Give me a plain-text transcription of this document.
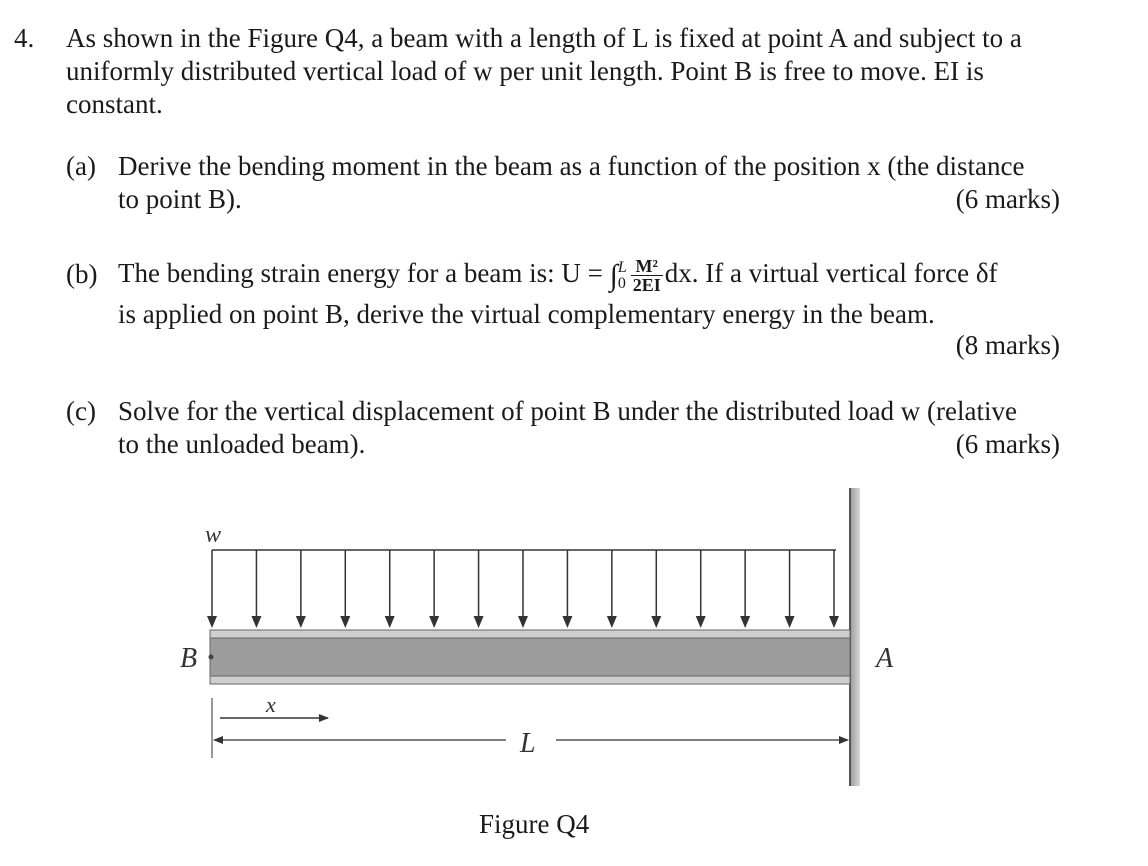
4. As shown in the Figure Q4, a beam with a length of L is fixed at point A and subject to a
uniformly distributed vertical load of w per unit length. Point B is free to move. EI is
constant.
(a) Derive the bending moment in the beam as a function of the position x (the distance
to point B).	(6 marks)
(b) The bending strain energy for a beam is: U = ∫ L
$0 \frac{\text{M²}}{2EI}$ dx. If a virtual vertical force δf
is applied on point B, derive the virtual complementary energy in the beam.
(8 marks)
(c) Solve for the vertical displacement of point B under the distributed load w (relative
to the unloaded beam).	(6 marks)
w
B	A
x
L
Figure Q4
